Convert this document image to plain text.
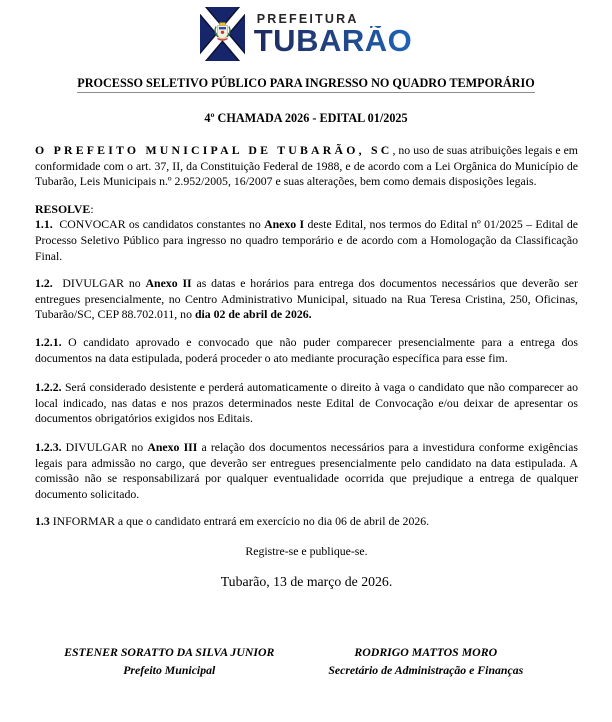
PREFEITURA
TUBARÃO
PROCESSO SELETIVO PÚBLICO PARA INGRESSO NO QUADRO TEMPORÁRIO
4º CHAMADA 2026 - EDITAL 01/2025

O PREFEITO MUNICIPAL DE TUBARÃO, SC, no uso de suas atribuições legais e em conformidade com o art. 37, II, da Constituição Federal de 1988, e de acordo com a Lei Orgânica do Município de Tubarão, Leis Municipais n.º 2.952/2005, 16/2007 e suas alterações, bem como demais disposições legais.

RESOLVE:

1.1.  CONVOCAR os candidatos constantes no Anexo I deste Edital, nos termos do Edital nº 01/2025 – Edital de Processo Seletivo Público para ingresso no quadro temporário e de acordo com a Homologação da Classificação Final.

1.2.  DIVULGAR no Anexo II as datas e horários para entrega dos documentos necessários que deverão ser entregues presencialmente, no Centro Administrativo Municipal, situado na Rua Teresa Cristina, 250, Oficinas, Tubarão/SC, CEP 88.702.011, no dia 02 de abril de 2026.

1.2.1. O candidato aprovado e convocado que não puder comparecer presencialmente para a entrega dos documentos na data estipulada, poderá proceder o ato mediante procuração específica para esse fim.

1.2.2. Será considerado desistente e perderá automaticamente o direito à vaga o candidato que não comparecer ao local indicado, nas datas e nos prazos determinados neste Edital de Convocação e/ou deixar de apresentar os documentos obrigatórios exigidos nos Editais.

1.2.3. DIVULGAR no Anexo III a relação dos documentos necessários para a investidura conforme exigências legais para admissão no cargo, que deverão ser entregues presencialmente pelo candidato na data estipulada. A comissão não se responsabilizará por qualquer eventualidade ocorrida que prejudique a entrega de qualquer documento solicitado.

1.3 INFORMAR a que o candidato entrará em exercício no dia 06 de abril de 2026.

Registre-se e publique-se.

Tubarão, 13 de março de 2026.

ESTENER SORATTO DA SILVA JUNIOR
Prefeito Municipal
RODRIGO MATTOS MORO
Secretário de Administração e Finanças
